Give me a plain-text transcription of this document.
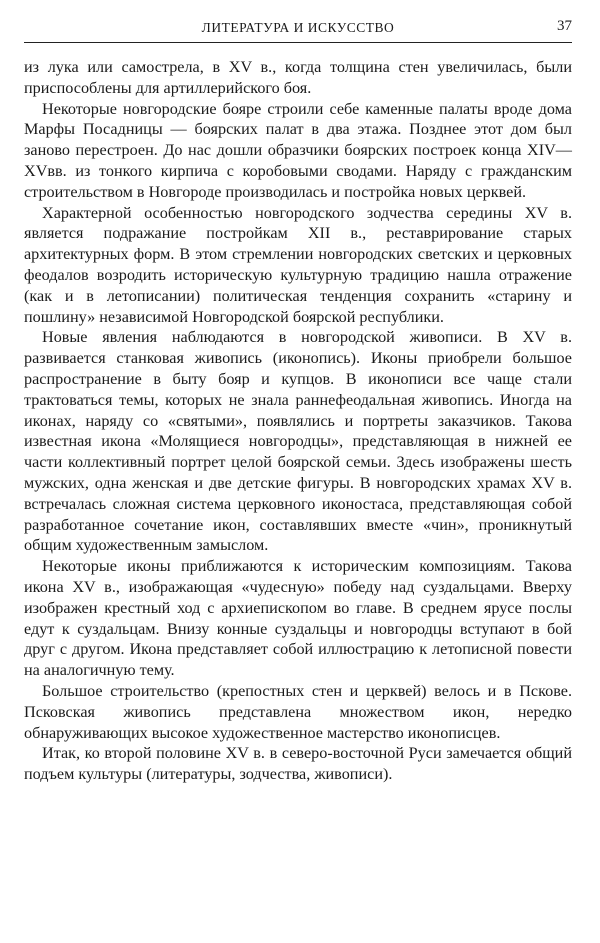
ЛИТЕРАТУРА И ИСКУССТВО	37

из лука или самострела, в XV в., когда толщина стен увеличилась, были приспособлены для артиллерийского боя.

Некоторые новгородские бояре строили себе каменные палаты вроде дома Марфы Посадницы — боярских палат в два этажа. Позднее этот дом был заново перестроен. До нас дошли образчики боярских построек конца XIV—XVвв. из тонкого кирпича с коробовыми сводами. Наряду с гражданским строительством в Новгороде производилась и постройка новых церквей.

Характерной особенностью новгородского зодчества середины XV в. является подражание постройкам XII в., реставрирование старых архитектурных форм. В этом стремлении новгородских светских и церковных феодалов возродить историческую культурную традицию нашла отражение (как и в летописании) политическая тенденция сохранить «старину и пошлину» независимой Новгородской боярской республики.

Новые явления наблюдаются в новгородской живописи. В XV в. развивается станковая живопись (иконопись). Иконы приобрели большое распространение в быту бояр и купцов. В иконописи все чаще стали трактоваться темы, которых не знала раннефеодальная живопись. Иногда на иконах, наряду со «святыми», появлялись и портреты заказчиков. Такова известная икона «Молящиеся новгородцы», представляющая в нижней ее части коллективный портрет целой боярской семьи. Здесь изображены шесть мужских, одна женская и две детские фигуры. В новгородских храмах XV в. встречалась сложная система церковного иконостаса, представляющая собой разработанное сочетание икон, составлявших вместе «чин», проникнутый общим художественным замыслом.

Некоторые иконы приближаются к историческим композициям. Такова икона XV в., изображающая «чудесную» победу над суздальцами. Вверху изображен крестный ход с архиепископом во главе. В среднем ярусе послы едут к суздальцам. Внизу конные суздальцы и новгородцы вступают в бой друг с другом. Икона представляет собой иллюстрацию к летописной повести на аналогичную тему.

Большое строительство (крепостных стен и церквей) велось и в Пскове. Псковская живопись представлена множеством икон, нередко обнаруживающих высокое художественное мастерство иконописцев.

Итак, ко второй половине XV в. в северо-восточной Руси замечается общий подъем культуры (литературы, зодчества, живописи).
